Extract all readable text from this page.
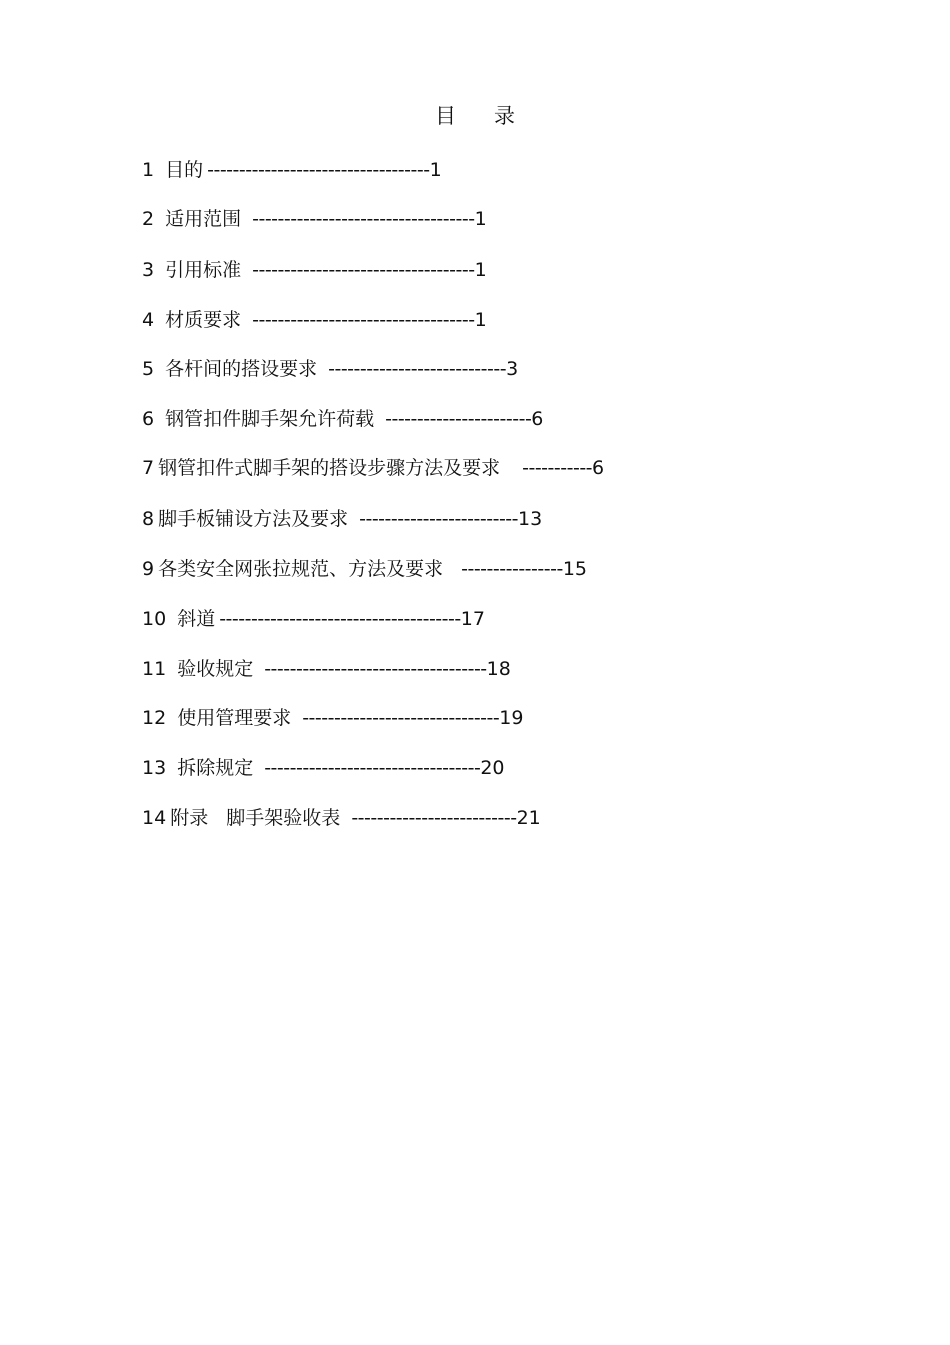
目 录
1 目的 -----------------------------------1
2 适用范围 -----------------------------------1
3 引用标准 -----------------------------------1
4 材质要求 -----------------------------------1
5 各杆间的搭设要求 ----------------------------3
6 钢管扣件脚手架允许荷载 -----------------------6
7 钢管扣件式脚手架的搭设步骤方法及要求 -----------6
8 脚手板铺设方法及要求 -------------------------13
9 各类安全网张拉规范、方法及要求 ----------------15
10 斜道 --------------------------------------17
11 验收规定 -----------------------------------18
12 使用管理要求 -------------------------------19
13 拆除规定 ----------------------------------20
14 附录   脚手架验收表 --------------------------21
